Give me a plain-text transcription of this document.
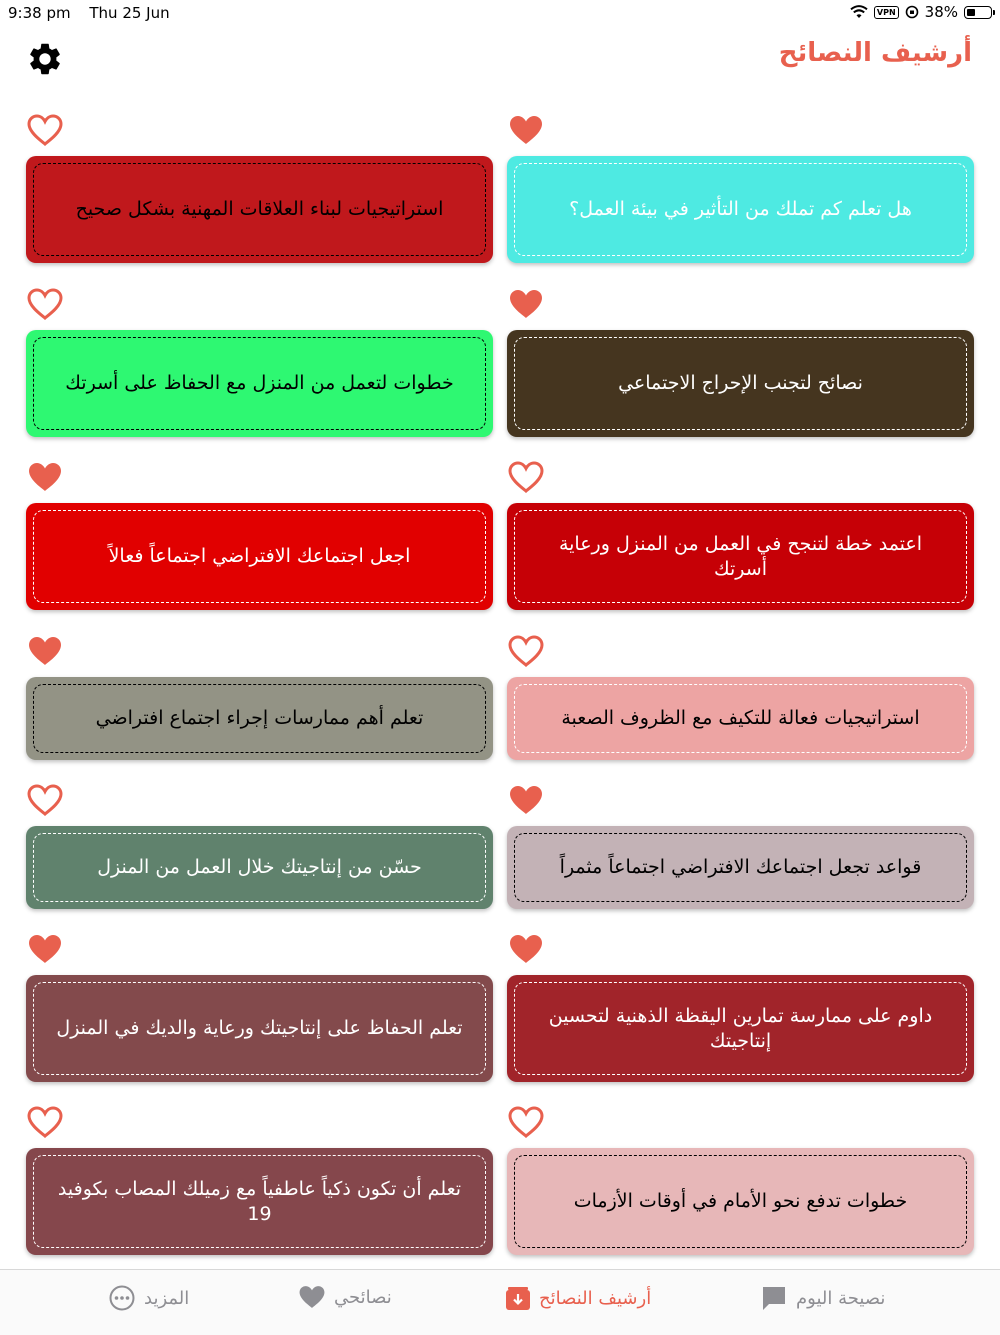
9:38 pm Thu 25 Jun	VPN 38%
أرشيف النصائح
هل تعلم كم تملك من التأثير في بيئة العمل؟
استراتيجيات لبناء العلاقات المهنية بشكل صحيح
نصائح لتجنب الإحراج الاجتماعي
خطوات لتعمل من المنزل مع الحفاظ على أسرتك
اعتمد خطة لتنجح في العمل من المنزل ورعاية أسرتك
اجعل اجتماعك الافتراضي اجتماعاً فعالاً
استراتيجيات فعالة للتكيف مع الظروف الصعبة
تعلم أهم ممارسات إجراء اجتماع افتراضي
قواعد تجعل اجتماعك الافتراضي اجتماعاً مثمراً
حسّن من إنتاجيتك خلال العمل من المنزل
داوم على ممارسة تمارين اليقظة الذهنية لتحسين إنتاجيتك
تعلم الحفاظ على إنتاجيتك ورعاية والديك في المنزل
خطوات تدفع نحو الأمام في أوقات الأزمات
تعلم أن تكون ذكياً عاطفياً مع زميلك المصاب بكوفيد 19
نصيحة اليوم
أرشيف النصائح
نصائحي
المزيد
